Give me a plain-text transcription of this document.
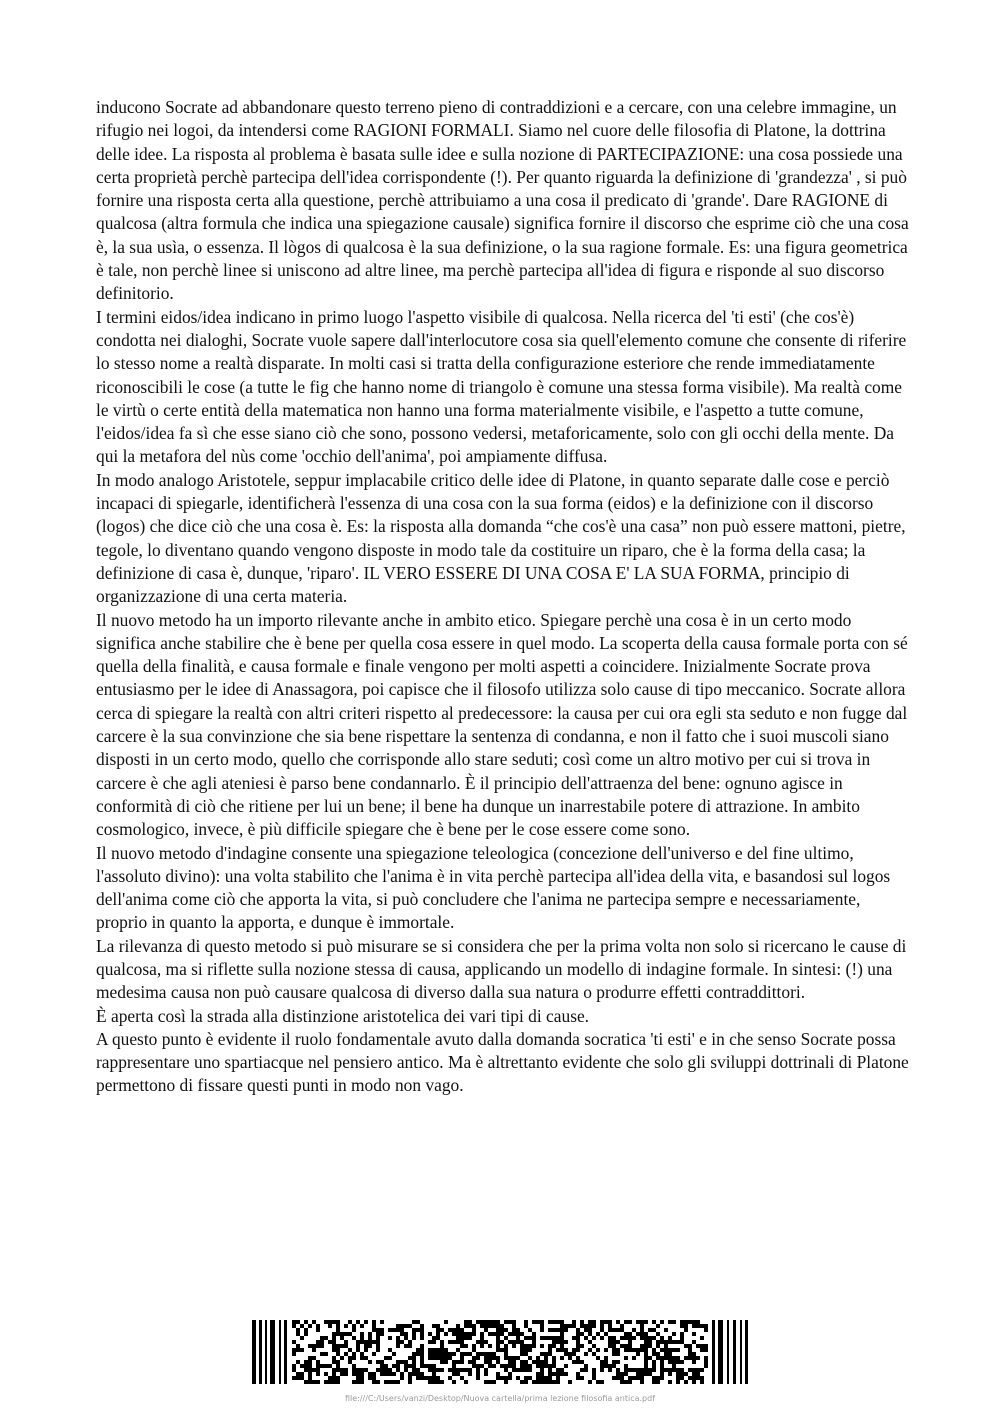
inducono Socrate ad abbandonare questo terreno pieno di contraddizioni e a cercare, con una celebre immagine, un rifugio nei logoi, da intendersi come RAGIONI FORMALI. Siamo nel cuore delle filosofia di Platone, la dottrina delle idee. La risposta al problema è basata sulle idee e sulla nozione di PARTECIPAZIONE: una cosa possiede una certa proprietà perchè partecipa dell'idea corrispondente (!). Per quanto riguarda la definizione di 'grandezza' , si può fornire una risposta certa alla questione, perchè attribuiamo a una cosa il predicato di 'grande'. Dare RAGIONE di qualcosa (altra formula che indica una spiegazione causale) significa fornire il discorso che esprime ciò che una cosa è, la sua usìa, o essenza. Il lògos di qualcosa è la sua definizione, o la sua ragione formale. Es: una figura geometrica è tale, non perchè linee si uniscono ad altre linee, ma perchè partecipa all'idea di figura e risponde al suo discorso definitorio.

I termini eidos/idea indicano in primo luogo l'aspetto visibile di qualcosa. Nella ricerca del 'ti esti' (che cos'è) condotta nei dialoghi, Socrate vuole sapere dall'interlocutore cosa sia quell'elemento comune che consente di riferire lo stesso nome a realtà disparate. In molti casi si tratta della configurazione esteriore che rende immediatamente riconoscibili le cose (a tutte le fig che hanno nome di triangolo è comune una stessa forma visibile). Ma realtà come le virtù o certe entità della matematica non hanno una forma materialmente visibile, e l'aspetto a tutte comune, l'eidos/idea fa sì che esse siano ciò che sono, possono vedersi, metaforicamente, solo con gli occhi della mente. Da qui la metafora del nùs come 'occhio dell'anima', poi ampiamente diffusa.

In modo analogo Aristotele, seppur implacabile critico delle idee di Platone, in quanto separate dalle cose e perciò incapaci di spiegarle, identificherà l'essenza di una cosa con la sua forma (eidos) e la definizione con il discorso (logos) che dice ciò che una cosa è. Es: la risposta alla domanda “che cos'è una casa” non può essere mattoni, pietre, tegole, lo diventano quando vengono disposte in modo tale da costituire un riparo, che è la forma della casa; la definizione di casa è, dunque, 'riparo'. IL VERO ESSERE DI UNA COSA E' LA SUA FORMA, principio di organizzazione di una certa materia.

Il nuovo metodo ha un importo rilevante anche in ambito etico. Spiegare perchè una cosa è in un certo modo significa anche stabilire che è bene per quella cosa essere in quel modo. La scoperta della causa formale porta con sé quella della finalità, e causa formale e finale vengono per molti aspetti a coincidere. Inizialmente Socrate prova entusiasmo per le idee di Anassagora, poi capisce che il filosofo utilizza solo cause di tipo meccanico. Socrate allora cerca di spiegare la realtà con altri criteri rispetto al predecessore: la causa per cui ora egli sta seduto e non fugge dal carcere è la sua convinzione che sia bene rispettare la sentenza di condanna, e non il fatto che i suoi muscoli siano disposti in un certo modo, quello che corrisponde allo stare seduti; così come un altro motivo per cui si trova in carcere è che agli ateniesi è parso bene condannarlo. È il principio dell'attraenza del bene: ognuno agisce in conformità di ciò che ritiene per lui un bene; il bene ha dunque un inarrestabile potere di attrazione. In ambito cosmologico, invece, è più difficile spiegare che è bene per le cose essere come sono.

Il nuovo metodo d'indagine consente una spiegazione teleologica (concezione dell'universo e del fine ultimo, l'assoluto divino): una volta stabilito che l'anima è in vita perchè partecipa all'idea della vita, e basandosi sul logos dell'anima come ciò che apporta la vita, si può concludere che l'anima ne partecipa sempre e necessariamente, proprio in quanto la apporta, e dunque è immortale.

La rilevanza di questo metodo si può misurare se si considera che per la prima volta non solo si ricercano le cause di qualcosa, ma si riflette sulla nozione stessa di causa, applicando un modello di indagine formale. In sintesi: (!) una medesima causa non può causare qualcosa di diverso dalla sua natura o produrre effetti contraddittori.

È aperta così la strada alla distinzione aristotelica dei vari tipi di cause.

A questo punto è evidente il ruolo fondamentale avuto dalla domanda socratica 'ti esti' e in che senso Socrate possa rappresentare uno spartiacque nel pensiero antico. Ma è altrettanto evidente che solo gli sviluppi dottrinali di Platone permettono di fissare questi punti in modo non vago.

file:///C:/Users/vanzi/Desktop/Nuova cartella/prima lezione filosofia antica.pdf
